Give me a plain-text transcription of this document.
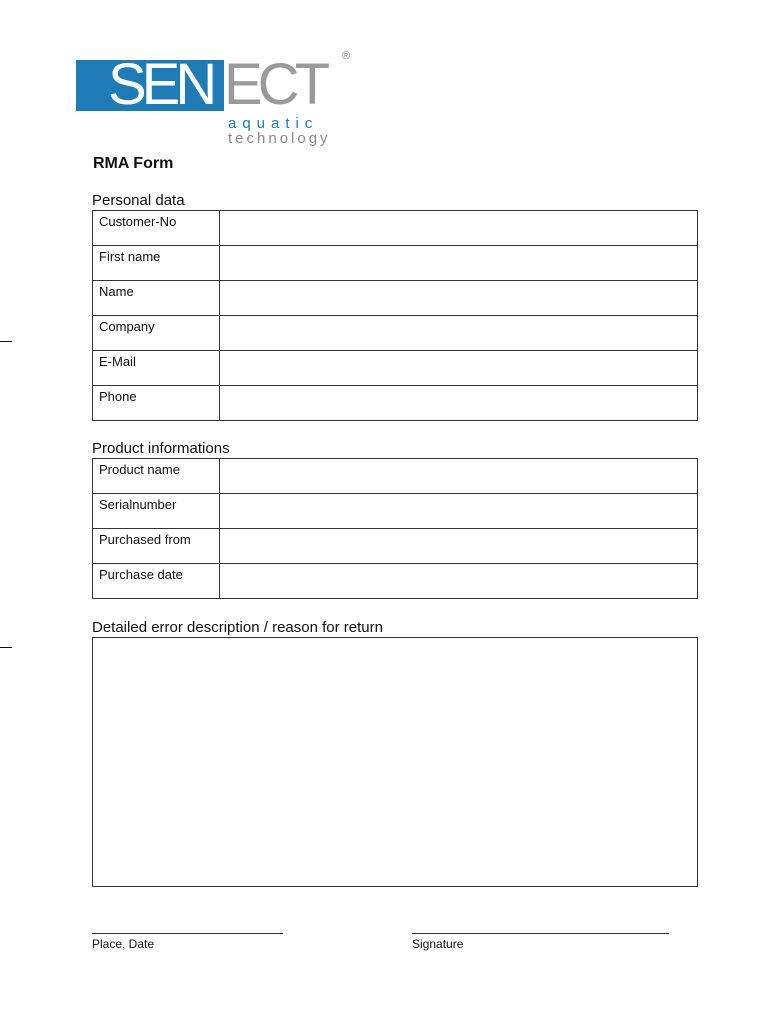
SEN ECT ®
aquatic
technology
RMA Form
Personal data
Customer-No	
First name	
Name	
Company	
E-Mail	
Phone	
Product informations
Product name	
Serialnumber	
Purchased from	
Purchase date	
Detailed error description / reason for return
Place, Date	Signature
